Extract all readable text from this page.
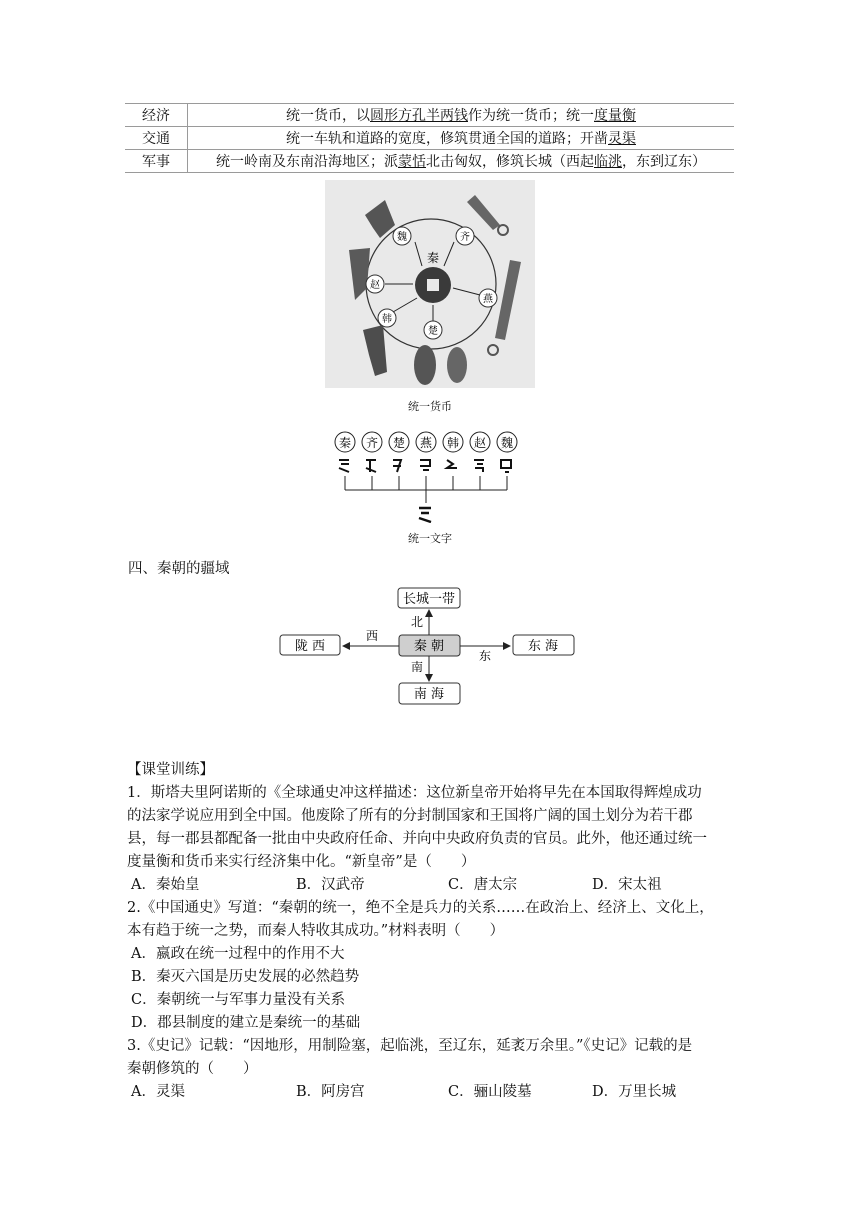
经济	统一货币，以圆形方孔半两钱作为统一货币；统一度量衡
交通	统一车轨和道路的宽度，修筑贯通全国的道路；开凿灵渠
军事	统一岭南及东南沿海地区；派蒙恬北击匈奴，修筑长城（西起临洮，东到辽东）
秦
魏	齐
赵
燕
韩
楚
统一货币
秦 齐 楚 燕 韩 赵 魏
统一文字
四、秦朝的疆域
长城一带
秦 朝
陇 西	东 海
南 海
北
西
东
南
【课堂训练】
1．斯塔夫里阿诺斯的《全球通史冲这样描述：这位新皇帝开始将早先在本国取得辉煌成功
的法家学说应用到全中国。他废除了所有的分封制国家和王国将广阔的国土划分为若干郡
县，每一郡县都配备一批由中央政府任命、并向中央政府负责的官员。此外，他还通过统一
度量衡和货币来实行经济集中化。“新皇帝”是（　　）
A．秦始皇	B．汉武帝	C．唐太宗	D．宋太祖
2.《中国通史》写道：“秦朝的统一，绝不全是兵力的关系……在政治上、经济上、文化上，
本有趋于统一之势，而秦人特收其成功。”材料表明（　　）
A．嬴政在统一过程中的作用不大
B．秦灭六国是历史发展的必然趋势
C．秦朝统一与军事力量没有关系
D．郡县制度的建立是秦统一的基础
3.《史记》记载：“因地形，用制险塞，起临洮，至辽东，延袤万余里。”《史记》记载的是
秦朝修筑的（　　）
A．灵渠	B．阿房宫	C．骊山陵墓	D．万里长城
